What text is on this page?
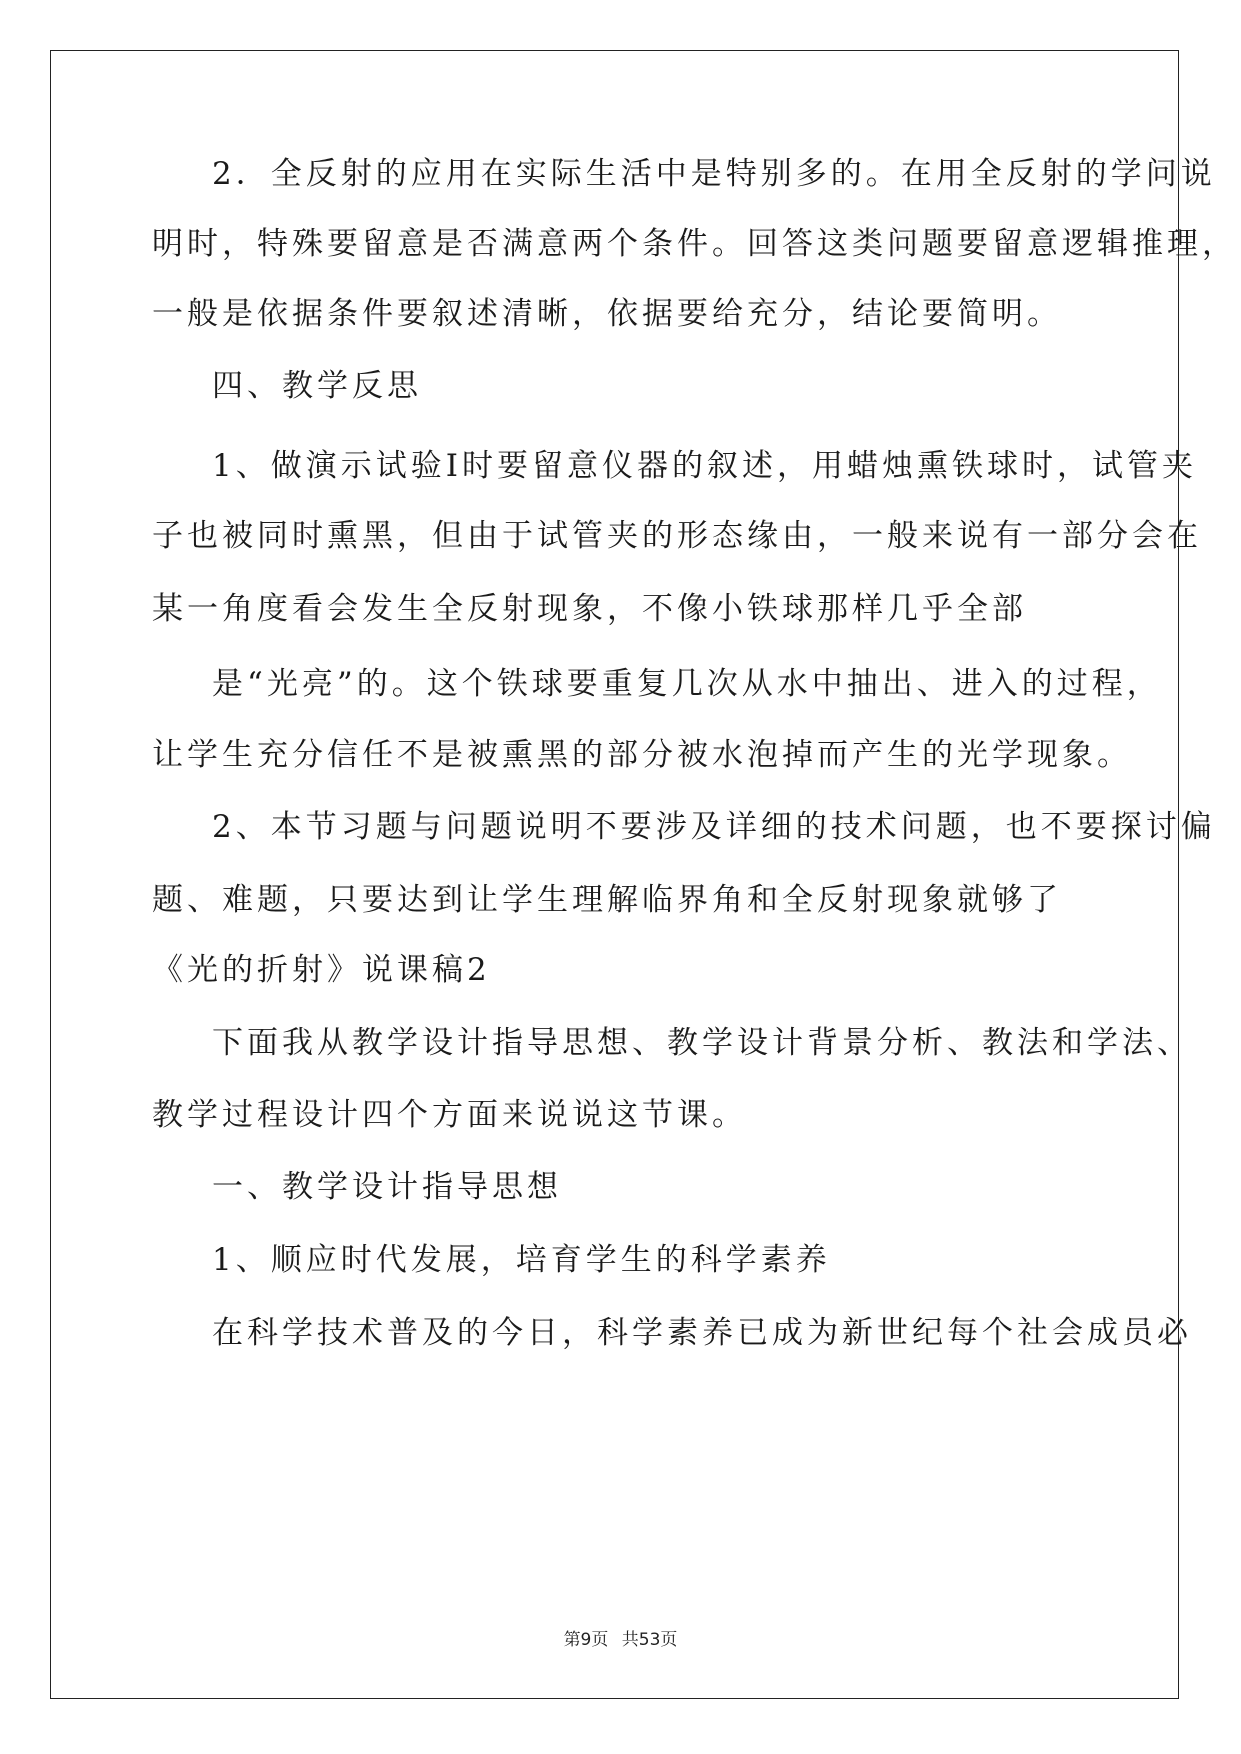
2．全反射的应用在实际生活中是特别多的。在用全反射的学问说
明时，特殊要留意是否满意两个条件。回答这类问题要留意逻辑推理，
一般是依据条件要叙述清晰，依据要给充分，结论要简明。
四、教学反思
1、做演示试验Ⅰ时要留意仪器的叙述，用蜡烛熏铁球时，试管夹
子也被同时熏黑，但由于试管夹的形态缘由，一般来说有一部分会在
某一角度看会发生全反射现象，不像小铁球那样几乎全部
是“光亮”的。这个铁球要重复几次从水中抽出、进入的过程，
让学生充分信任不是被熏黑的部分被水泡掉而产生的光学现象。
2、本节习题与问题说明不要涉及详细的技术问题，也不要探讨偏
题、难题，只要达到让学生理解临界角和全反射现象就够了
《光的折射》说课稿2
下面我从教学设计指导思想、教学设计背景分析、教法和学法、
教学过程设计四个方面来说说这节课。
一、教学设计指导思想
1、顺应时代发展，培育学生的科学素养
在科学技术普及的今日，科学素养已成为新世纪每个社会成员必
第9页 共53页
